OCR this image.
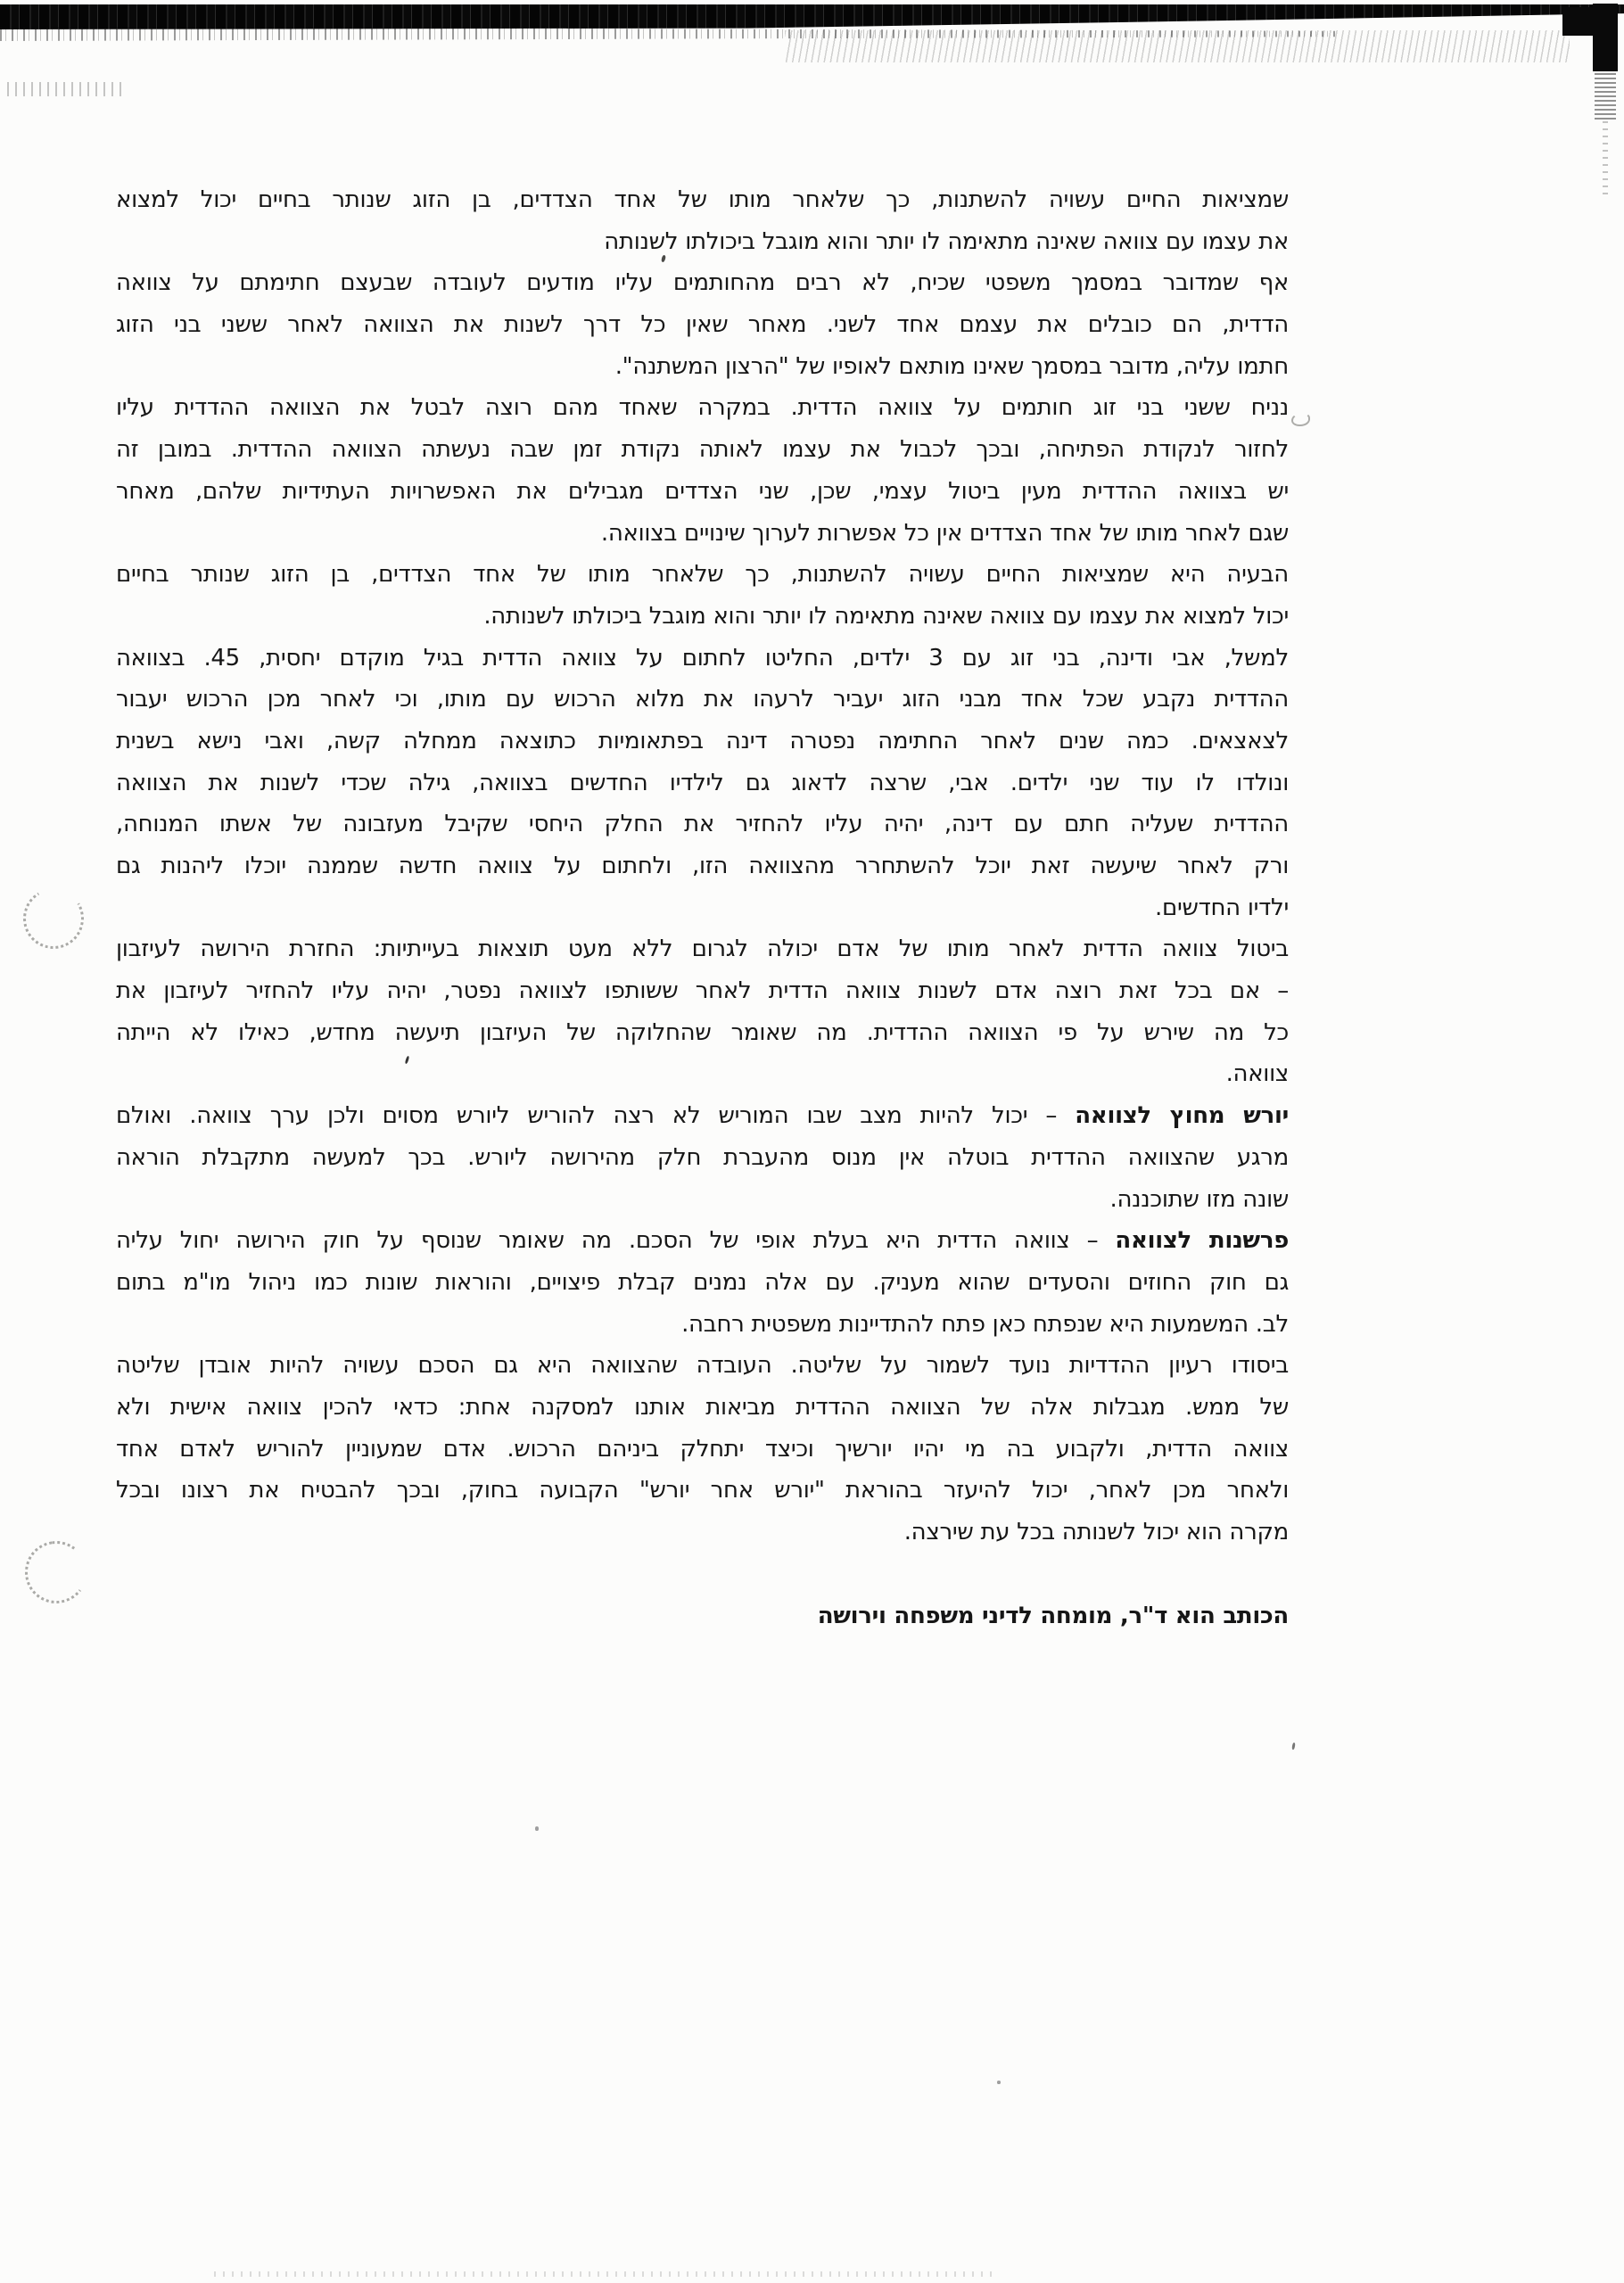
שמציאות החיים עשויה להשתנות, כך שלאחר מותו של אחד הצדדים, בן הזוג שנותר בחיים יכול למצוא
את עצמו עם צוואה שאינה מתאימה לו יותר והוא מוגבל ביכולתו לשנותה
אף שמדובר במסמך משפטי שכיח, לא רבים מהחותמים עליו מודעים לעובדה שבעצם חתימתם על צוואה
הדדית, הם כובלים את עצמם אחד לשני. מאחר שאין כל דרך לשנות את הצוואה לאחר ששני בני הזוג
חתמו עליה, מדובר במסמך שאינו מותאם לאופיו של "הרצון המשתנה".
נניח ששני בני זוג חותמים על צוואה הדדית. במקרה שאחד מהם רוצה לבטל את הצוואה ההדדית עליו
לחזור לנקודת הפתיחה, ובכך לכבול את עצמו לאותה נקודת זמן שבה נעשתה הצוואה ההדדית. במובן זה
יש בצוואה ההדדית מעין ביטול עצמי, שכן, שני הצדדים מגבילים את האפשרויות העתידיות שלהם, מאחר
שגם לאחר מותו של אחד הצדדים אין כל אפשרות לערוך שינויים בצוואה.
הבעיה היא שמציאות החיים עשויה להשתנות, כך שלאחר מותו של אחד הצדדים, בן הזוג שנותר בחיים
יכול למצוא את עצמו עם צוואה שאינה מתאימה לו יותר והוא מוגבל ביכולתו לשנותה.
למשל, אבי ודינה, בני זוג עם 3 ילדים, החליטו לחתום על צוואה הדדית בגיל מוקדם יחסית, 45. בצוואה
ההדדית נקבע שכל אחד מבני הזוג יעביר לרעהו את מלוא הרכוש עם מותו, וכי לאחר מכן הרכוש יעבור
לצאצאים. כמה שנים לאחר החתימה נפטרה דינה בפתאומיות כתוצאה ממחלה קשה, ואבי נישא בשנית
ונולדו לו עוד שני ילדים. אבי, שרצה לדאוג גם לילדיו החדשים בצוואה, גילה שכדי לשנות את הצוואה
ההדדית שעליה חתם עם דינה, יהיה עליו להחזיר את החלק היחסי שקיבל מעזבונה של אשתו המנוחה,
ורק לאחר שיעשה זאת יוכל להשתחרר מהצוואה הזו, ולחתום על צוואה חדשה שממנה יוכלו ליהנות גם
ילדיו החדשים.
ביטול צוואה הדדית לאחר מותו של אדם יכולה לגרום ללא מעט תוצאות בעייתיות: החזרת הירושה לעיזבון
– אם בכל זאת רוצה אדם לשנות צוואה הדדית לאחר ששותפו לצוואה נפטר, יהיה עליו להחזיר לעיזבון את
כל מה שירש על פי הצוואה ההדדית. מה שאומר שהחלוקה של העיזבון תיעשה מחדש, כאילו לא הייתה
צוואה.
יורש מחוץ לצוואה – יכול להיות מצב שבו המוריש לא רצה להוריש ליורש מסוים ולכן ערך צוואה. ואולם
מרגע שהצוואה ההדדית בוטלה אין מנוס מהעברת חלק מהירושה ליורש. בכך למעשה מתקבלת הוראה
שונה מזו שתוכננה.
פרשנות לצוואה – צוואה הדדית היא בעלת אופי של הסכם. מה שאומר שנוסף על חוק הירושה יחול עליה
גם חוק החוזים והסעדים שהוא מעניק. עם אלה נמנים קבלת פיצויים, והוראות שונות כמו ניהול מו"מ בתום
לב. המשמעות היא שנפתח כאן פתח להתדיינות משפטית רחבה.
ביסודו רעיון ההדדיות נועד לשמור על שליטה. העובדה שהצוואה היא גם הסכם עשויה להיות אובדן שליטה
של ממש. מגבלות אלה של הצוואה ההדדית מביאות אותנו למסקנה אחת: כדאי להכין צוואה אישית ולא
צוואה הדדית, ולקבוע בה מי יהיו יורשיך וכיצד יתחלק ביניהם הרכוש. אדם שמעוניין להוריש לאדם אחד
ולאחר מכן לאחר, יכול להיעזר בהוראת "יורש אחר יורש" הקבועה בחוק, ובכך להבטיח את רצונו ובכל
מקרה הוא יכול לשנותה בכל עת שירצה.
הכותב הוא ד"ר, מומחה לדיני משפחה וירושה
